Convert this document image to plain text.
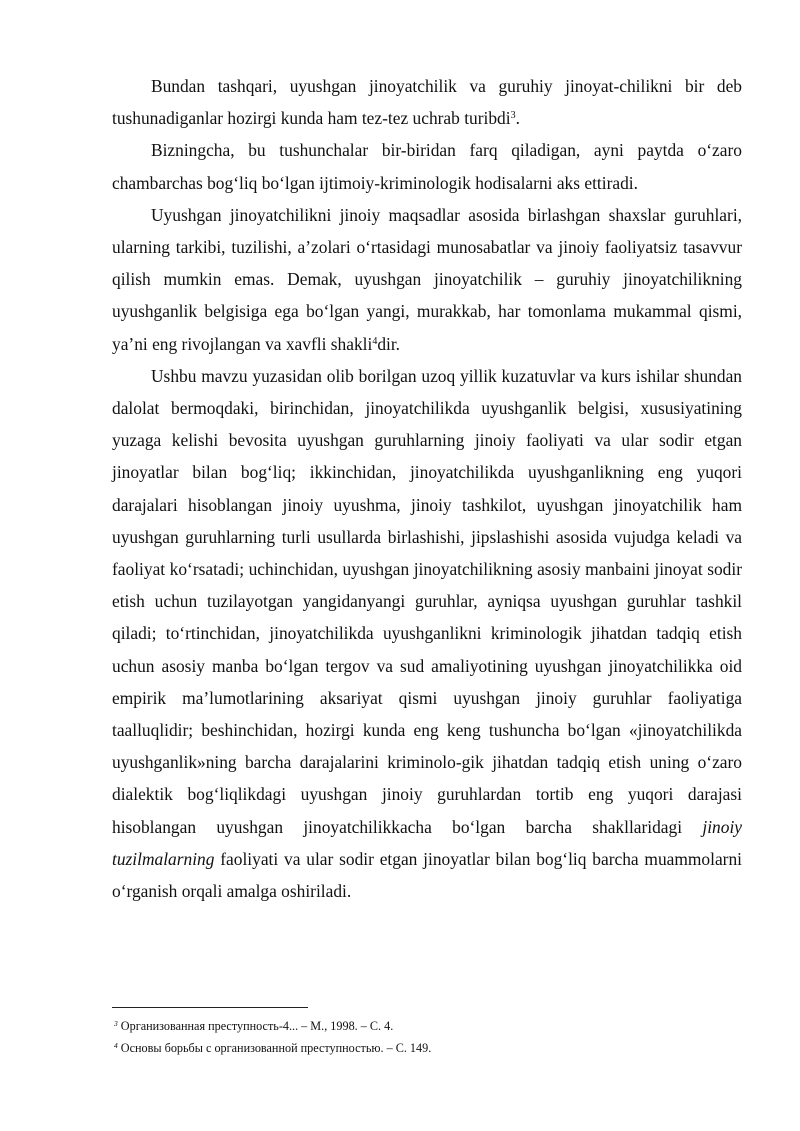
Bundan tashqari, uyushgan jinoyatchilik va guruhiy jinoyat-chilikni bir deb tushunadiganlar hozirgi kunda ham tez-tez uchrab turibdi$^3$.

Bizningcha, bu tushunchalar bir-biridan farq qiladigan, ayni paytda o‘zaro chambarchas bog‘liq bo‘lgan ijtimoiy-kriminologik hodisalarni aks ettiradi.

Uyushgan jinoyatchilikni jinoiy maqsadlar asosida birlashgan shaxslar guruhlari, ularning tarkibi, tuzilishi, a’zolari o‘rtasidagi munosabatlar va jinoiy faoliyatsiz tasavvur qilish mumkin emas. Demak, uyushgan jinoyatchilik – guruhiy jinoyatchilikning uyushganlik belgisiga ega bo‘lgan yangi, murakkab, har tomonlama mukammal qismi, ya’ni eng rivojlangan va xavfli shakli$^4$dir.

Ushbu mavzu yuzasidan olib borilgan uzoq yillik kuzatuvlar va kurs ishilar shundan dalolat bermoqdaki, birinchidan, jinoyatchilikda uyushganlik belgisi, xususiyatining yuzaga kelishi bevosita uyushgan guruhlarning jinoiy faoliyati va ular sodir etgan jinoyatlar bilan bog‘liq; ikkinchidan, jinoyatchilikda uyushganlikning eng yuqori darajalari hisoblangan jinoiy uyushma, jinoiy tashkilot, uyushgan jinoyatchilik ham uyushgan guruhlarning turli usullarda birlashishi, jipslashishi asosida vujudga keladi va faoliyat ko‘rsatadi; uchinchidan, uyushgan jinoyatchilikning asosiy manbaini jinoyat sodir etish uchun tuzilayotgan yangidanyangi guruhlar, ayniqsa uyushgan guruhlar tashkil qiladi; to‘rtinchidan, jinoyatchilikda uyushganlikni kriminologik jihatdan tadqiq etish uchun asosiy manba bo‘lgan tergov va sud amaliyotining uyushgan jinoyatchilikka oid empirik ma’lumotlarining aksariyat qismi uyushgan jinoiy guruhlar faoliyatiga taalluqlidir; beshinchidan, hozirgi kunda eng keng tushuncha bo‘lgan «jinoyatchilikda uyushganlik»ning barcha darajalarini kriminolo-gik jihatdan tadqiq etish uning o‘zaro dialektik bog‘liqlikdagi uyushgan jinoiy guruhlardan tortib eng yuqori darajasi hisoblangan uyushgan jinoyatchilikkacha bo‘lgan barcha shakllaridagi jinoiy tuzilmalarning faoliyati va ular sodir etgan jinoyatlar bilan bog‘liq barcha muammolarni o‘rganish orqali amalga oshiriladi.

$^3$ Организованная преступность-4... – М., 1998. – С. 4.

$^4$ Основы борьбы с организованной преступностью. – С. 149.
